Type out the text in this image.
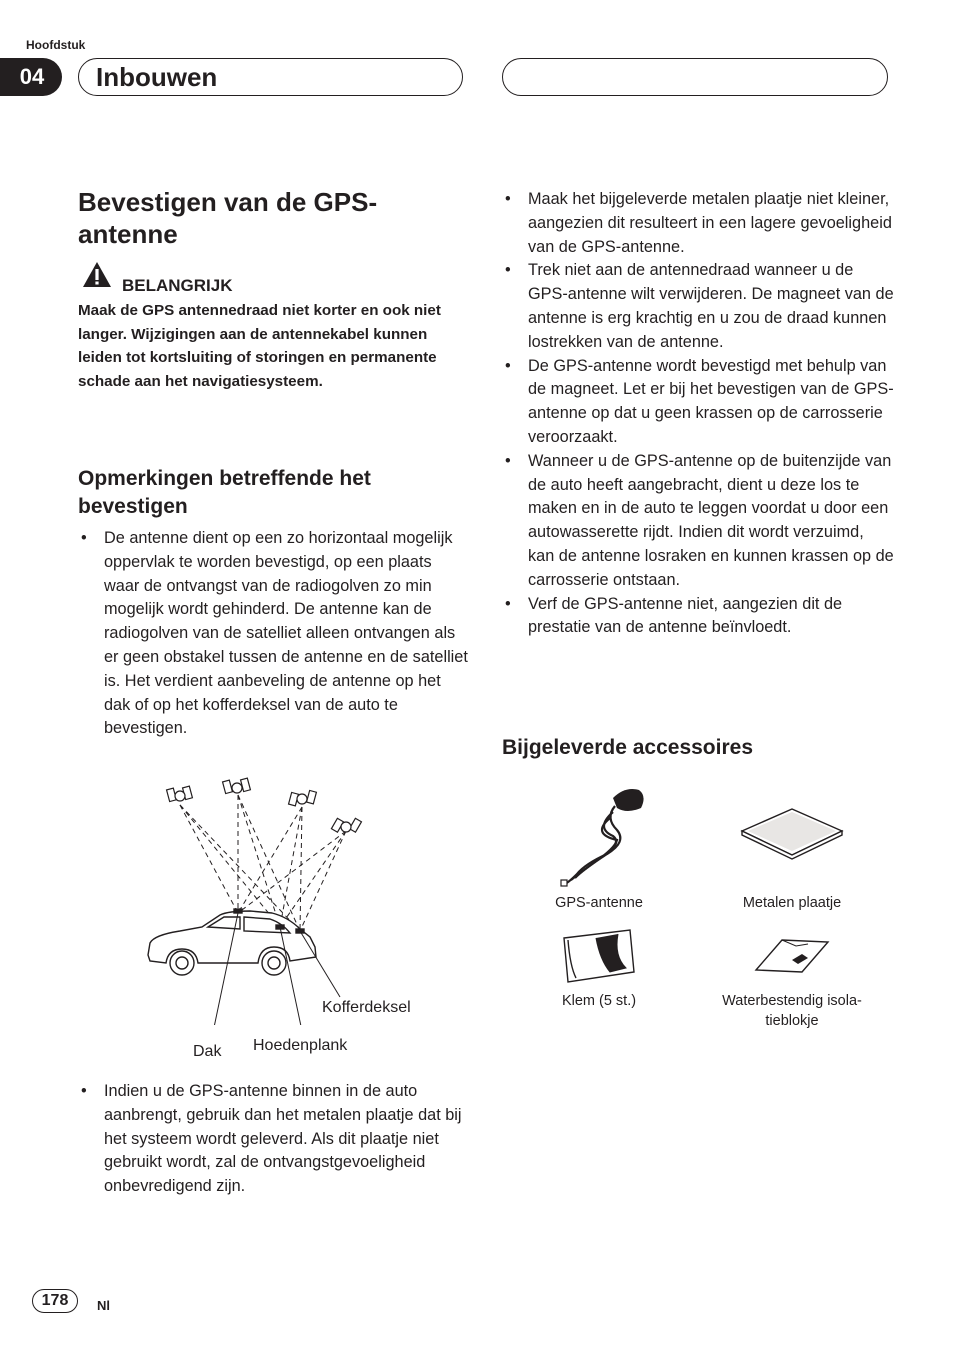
Hoofdstuk
04	Inbouwen
Bevestigen van de GPS-
antenne
BELANGRIJK
Maak de GPS antennedraad niet korter en ook niet langer. Wijzigingen aan de antennekabel kunnen leiden tot kortsluiting of storingen en permanente schade aan het navigatiesysteem.
Opmerkingen betreffende het bevestigen
• De antenne dient op een zo horizontaal mogelijk oppervlak te worden bevestigd, op een plaats waar de ontvangst van de radiogolven zo min mogelijk wordt gehinderd. De antenne kan de radiogolven van de satelliet alleen ontvangen als er geen obstakel tussen de antenne en de satelliet is. Het verdient aanbeveling de antenne op het dak of op het kofferdeksel van de auto te bevestigen.
Kofferdeksel
Hoedenplank
Dak
• Indien u de GPS-antenne binnen in de auto aanbrengt, gebruik dan het metalen plaatje dat bij het systeem wordt geleverd. Als dit plaatje niet gebruikt wordt, zal de ontvangstgevoeligheid onbevredigend zijn.
• Maak het bijgeleverde metalen plaatje niet kleiner, aangezien dit resulteert in een lagere gevoeligheid van de GPS-antenne.
• Trek niet aan de antennedraad wanneer u de GPS-antenne wilt verwijderen. De magneet van de antenne is erg krachtig en u zou de draad kunnen lostrekken van de antenne.
• De GPS-antenne wordt bevestigd met behulp van de magneet. Let er bij het bevestigen van de GPS-antenne op dat u geen krassen op de carrosserie veroorzaakt.
• Wanneer u de GPS-antenne op de buitenzijde van de auto heeft aangebracht, dient u deze los te maken en in de auto te leggen voordat u door een autowasserette rijdt. Indien dit wordt verzuimd, kan de antenne losraken en kunnen krassen op de carrosserie ontstaan.
• Verf de GPS-antenne niet, aangezien dit de prestatie van de antenne beïnvloedt.
Bijgeleverde accessoires
GPS-antenne	Metalen plaatje
Klem (5 st.)	Waterbestendig isola-
tieblokje
178	Nl
